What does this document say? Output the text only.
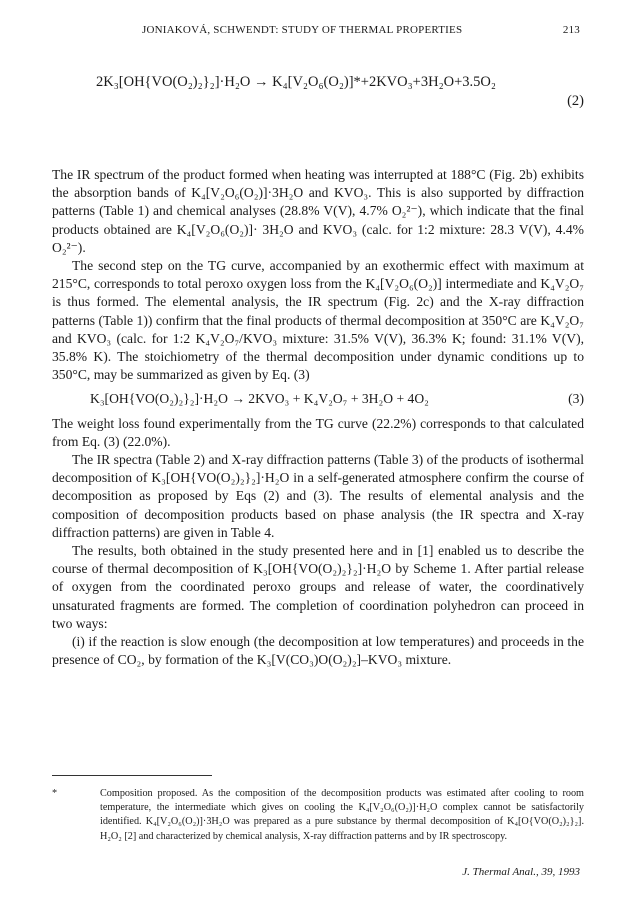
JONIAKOVÁ, SCHWENDT: STUDY OF THERMAL PROPERTIES	213
2K₃[OH{VO(O₂)₂}₂]·H₂O → K₄[V₂O₆(O₂)]*+2KVO₃+3H₂O+3.5O₂
(2)

The IR spectrum of the product formed when heating was interrupted at 188°C (Fig. 2b) exhibits the absorption bands of K₄[V₂O₆(O₂)]·3H₂O and KVO₃. This is also supported by diffraction patterns (Table 1) and chemical analyses (28.8% V(V), 4.7% O₂²⁻), which indicate that the final products obtained are K₄[V₂O₆(O₂)]· 3H₂O and KVO₃ (calc. for 1:2 mixture: 28.3 V(V), 4.4% O₂²⁻).

The second step on the TG curve, accompanied by an exothermic effect with maximum at 215°C, corresponds to total peroxo oxygen loss from the K₄[V₂O₆(O₂)] intermediate and K₄V₂O₇ is thus formed. The elemental analysis, the IR spectrum (Fig. 2c) and the X-ray diffraction patterns (Table 1)) confirm that the final products of thermal decomposition at 350°C are K₄V₂O₇ and KVO₃ (calc. for 1:2 K₄V₂O₇/KVO₃ mixture: 31.5% V(V), 36.3% K; found: 31.1% V(V), 35.8% K). The stoichiometry of the thermal decomposition under dynamic conditions up to 350°C, may be summarized as given by Eq. (3)

K₃[OH{VO(O₂)₂}₂]·H₂O → 2KVO₃ + K₄V₂O₇ + 3H₂O + 4O₂	(3)

The weight loss found experimentally from the TG curve (22.2%) corresponds to that calculated from Eq. (3) (22.0%).

The IR spectra (Table 2) and X-ray diffraction patterns (Table 3) of the products of isothermal decomposition of K₃[OH{VO(O₂)₂}₂]·H₂O in a self-generated atmosphere confirm the course of decomposition as proposed by Eqs (2) and (3). The results of elemental analysis and the composition of decomposition products based on phase analysis (the IR spectra and X-ray diffraction patterns) are given in Table 4.

The results, both obtained in the study presented here and in [1] enabled us to describe the course of thermal decomposition of K₃[OH{VO(O₂)₂}₂]·H₂O by Scheme 1. After partial release of oxygen from the coordinated peroxo groups and release of water, the coordinatively unsaturated fragments are formed. The completion of coordination polyhedron can proceed in two ways:

(i) if the reaction is slow enough (the decomposition at low temperatures) and proceeds in the presence of CO₂, by formation of the K₃[V(CO₃)O(O₂)₂]–KVO₃ mixture.

*	Composition proposed. As the composition of the decomposition products was estimated after cooling to room temperature, the intermediate which gives on cooling the K₄[V₂O₆(O₂)]·H₂O complex cannot be satisfactorily identified. K₄[V₂O₆(O₂)]·3H₂O was prepared as a pure substance by thermal decomposition of K₄[O{VO(O₂)₂}₂]. H₂O₂ [2] and characterized by chemical analysis, X-ray diffraction patterns and by IR spectroscopy.
J. Thermal Anal., 39, 1993
